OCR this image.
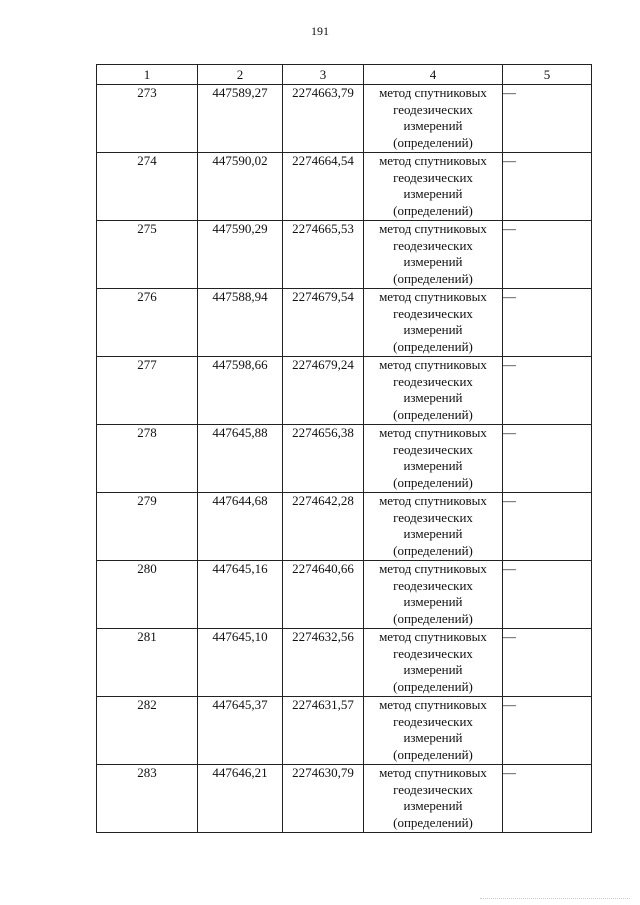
191
1	2	3	4	5
273	447589,27	2274663,79	метод спутниковых
геодезических
измерений
(определений)	—
274	447590,02	2274664,54	метод спутниковых
геодезических
измерений
(определений)	—
275	447590,29	2274665,53	метод спутниковых
геодезических
измерений
(определений)	—
276	447588,94	2274679,54	метод спутниковых
геодезических
измерений
(определений)	—
277	447598,66	2274679,24	метод спутниковых
геодезических
измерений
(определений)	—
278	447645,88	2274656,38	метод спутниковых
геодезических
измерений
(определений)	—
279	447644,68	2274642,28	метод спутниковых
геодезических
измерений
(определений)	—
280	447645,16	2274640,66	метод спутниковых
геодезических
измерений
(определений)	—
281	447645,10	2274632,56	метод спутниковых
геодезических
измерений
(определений)	—
282	447645,37	2274631,57	метод спутниковых
геодезических
измерений
(определений)	—
283	447646,21	2274630,79	метод спутниковых
геодезических
измерений
(определений)	—
